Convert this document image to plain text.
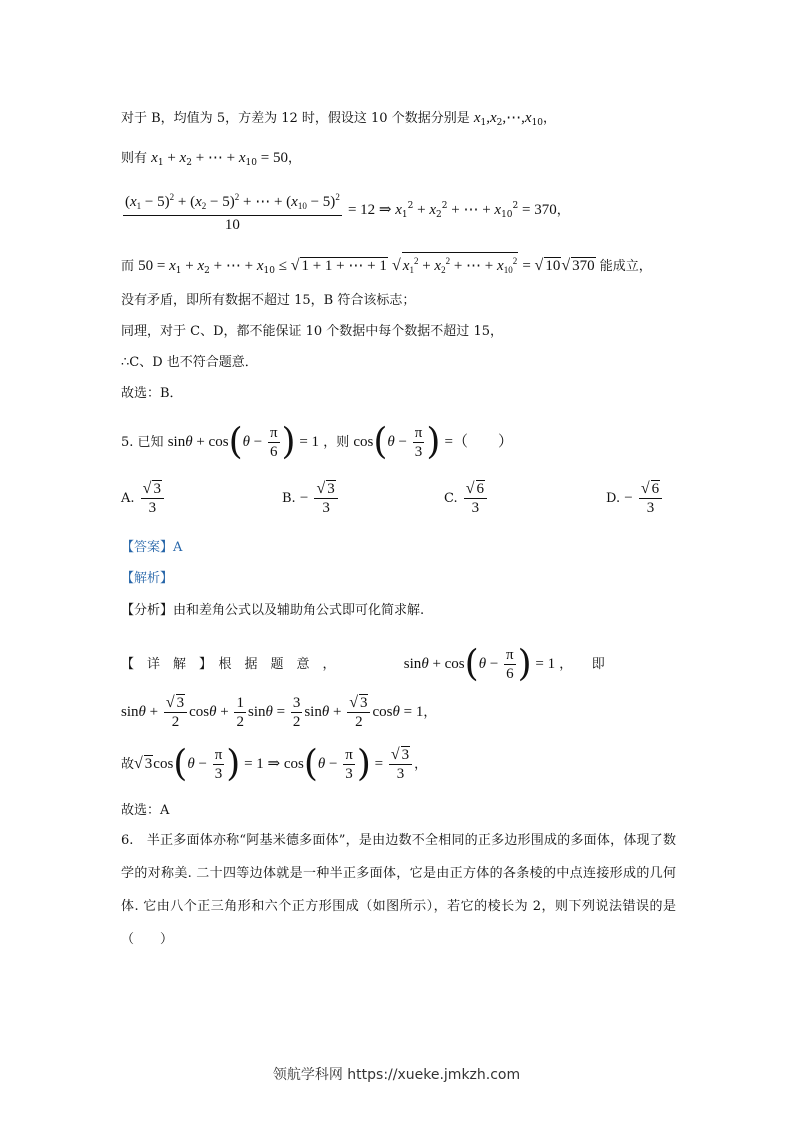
对于 B，均值为 5，方差为 12 时，假设这 10 个数据分别是 $x_1,x_2,\cdots,x_{10}$，
则有 $x_1 + x_2$ + ⋯ + $x_{10} = 50$，
$\frac{(x_1 - 5)^2 + (x_2 - 5)^2 + \cdots + (x_{10} - 5)^2}{10} = 12$ ⇒ $x_1^2 + x_2^2$ + ⋯ + $x_{10}^2 = 370$，
而 $50 = x_1 + x_2$ + ⋯ + $x_{10}$ ≤ √ 1 + 1 + ⋯ + 1 √ $x_1^2 + x_2^2$ + ⋯ + $x_{10}^2$ = √ 10√ 370 能成立，
没有矛盾，即所有数据不超过 15，B 符合该标志；
同理，对于 C、D，都不能保证 10 个数据中每个数据不超过 15，
∴C、D 也不符合题意．
故选：B．
5. 已知 $\sin\theta + \cos(\theta - \frac{\pi}{6}$ ) = 1 ，则 $\cos(\theta - \frac{\pi}{3}$ ) =（　　）
A. $\frac{√ 3}{3}$	B. − $\frac{√ 3}{3}$	C. $\frac{√ 6}{3}$	D. − $\frac{√ 6}{3}$
【答案】A
【解析】
【分析】由和差角公式以及辅助角公式即可化简求解.
【　详　解　】　根　据　题　意　，	$\sin\theta + \cos(\theta - \frac{\pi}{6}$ ) = 1 ，　　即
$\sin\theta + \frac{√ 3}{2}$ $\cos\theta + \frac{1}{2}$ $\sin\theta = \frac{3}{2}$ $\sin\theta + \frac{√ 3}{2}$ cosθ = 1，
故√ $3\cos(\theta - \frac{\pi}{3}$ ) = 1 ⇒ $\cos(\theta - \frac{\pi}{3}$ ) = $\frac{√ 3}{3}$ ，
故选：A
6.　半正多面体亦称“阿基米德多面体”，是由边数不全相同的正多边形围成的多面体，体现了数学的对称美. 二十四等边体就是一种半正多面体，它是由正方体的各条棱的中点连接形成的几何体. 它由八个正三角形和六个正方形围成（如图所示），若它的棱长为 2，则下列说法错误的是（　　）
领航学科网 https://xueke.jmkzh.com
